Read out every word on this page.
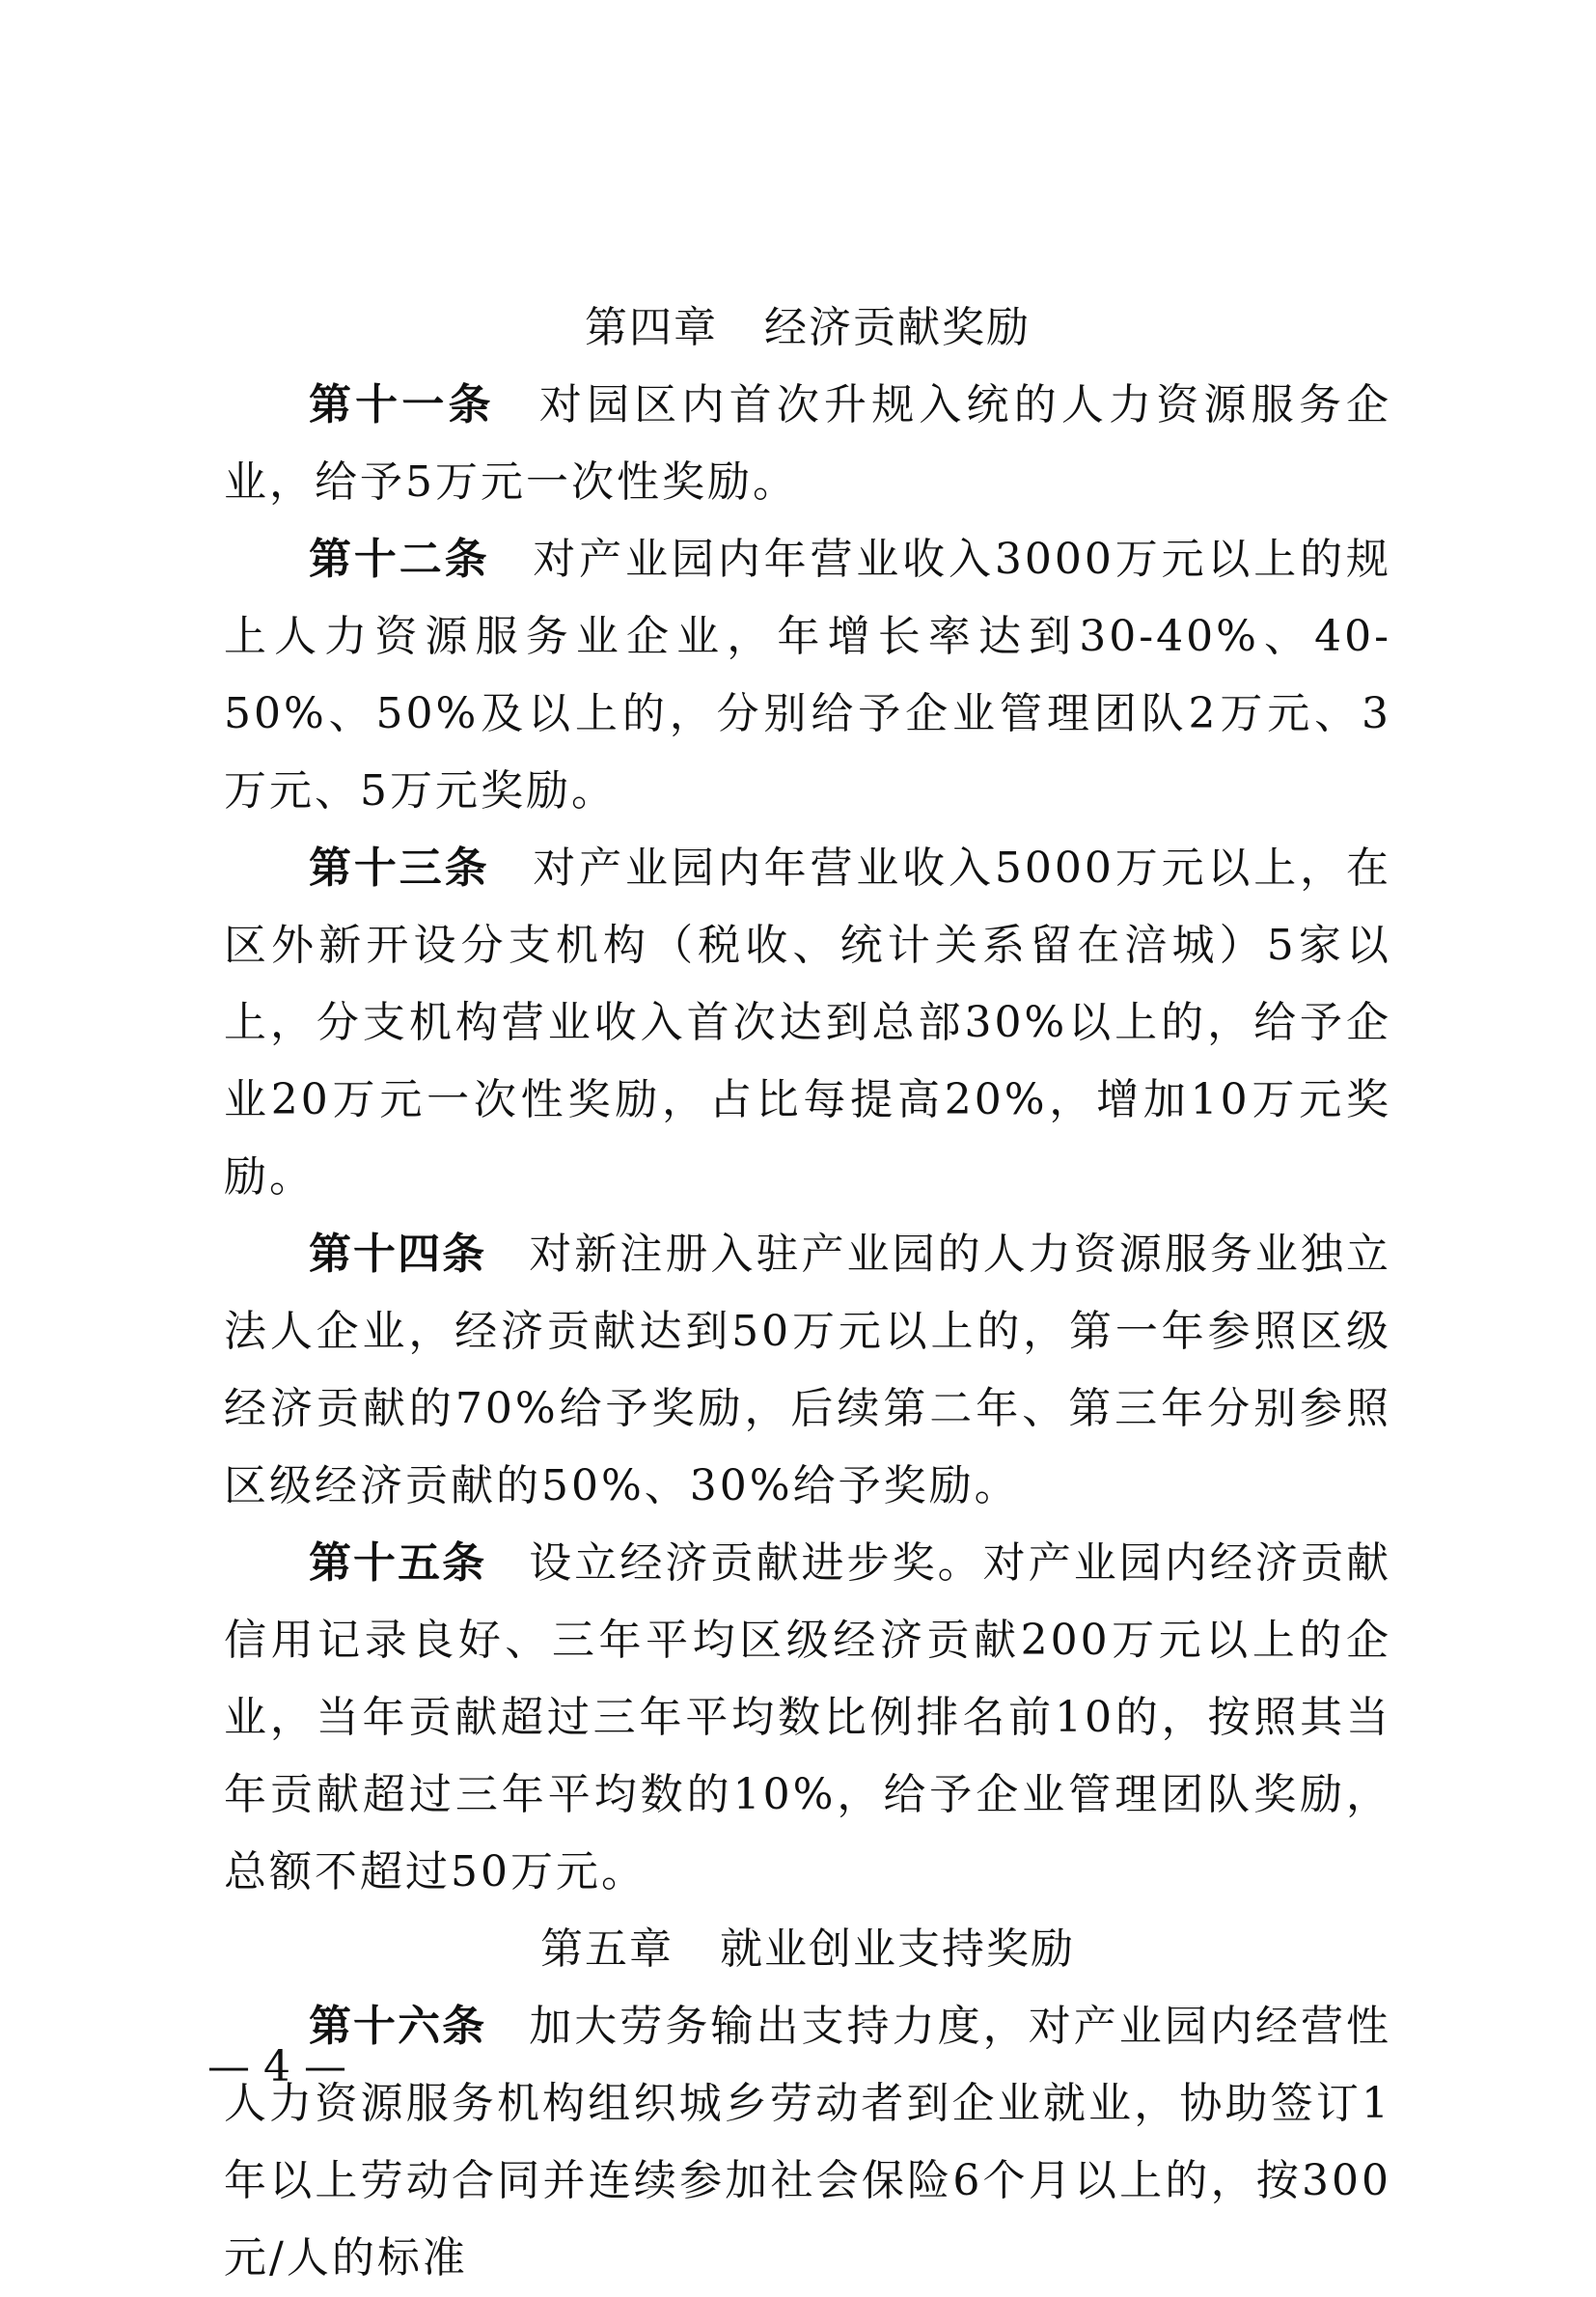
第四章 经济贡献奖励

第十一条 对园区内首次升规入统的人力资源服务企业，给予5万元一次性奖励。

第十二条 对产业园内年营业收入3000万元以上的规上人力资源服务业企业，年增长率达到30-40%、40-50%、50%及以上的，分别给予企业管理团队2万元、3万元、5万元奖励。

第十三条 对产业园内年营业收入5000万元以上，在区外新开设分支机构（税收、统计关系留在涪城）5家以上，分支机构营业收入首次达到总部30%以上的，给予企业20万元一次性奖励，占比每提高20%，增加10万元奖励。

第十四条 对新注册入驻产业园的人力资源服务业独立法人企业，经济贡献达到50万元以上的，第一年参照区级经济贡献的70%给予奖励，后续第二年、第三年分别参照区级经济贡献的50%、30%给予奖励。

第十五条 设立经济贡献进步奖。对产业园内经济贡献信用记录良好、三年平均区级经济贡献200万元以上的企业，当年贡献超过三年平均数比例排名前10的，按照其当年贡献超过三年平均数的10%，给予企业管理团队奖励，总额不超过50万元。

第五章 就业创业支持奖励

第十六条 加大劳务输出支持力度，对产业园内经营性人力资源服务机构组织城乡劳动者到企业就业，协助签订1年以上劳动合同并连续参加社会保险6个月以上的，按300元/人的标准

— 4 —
